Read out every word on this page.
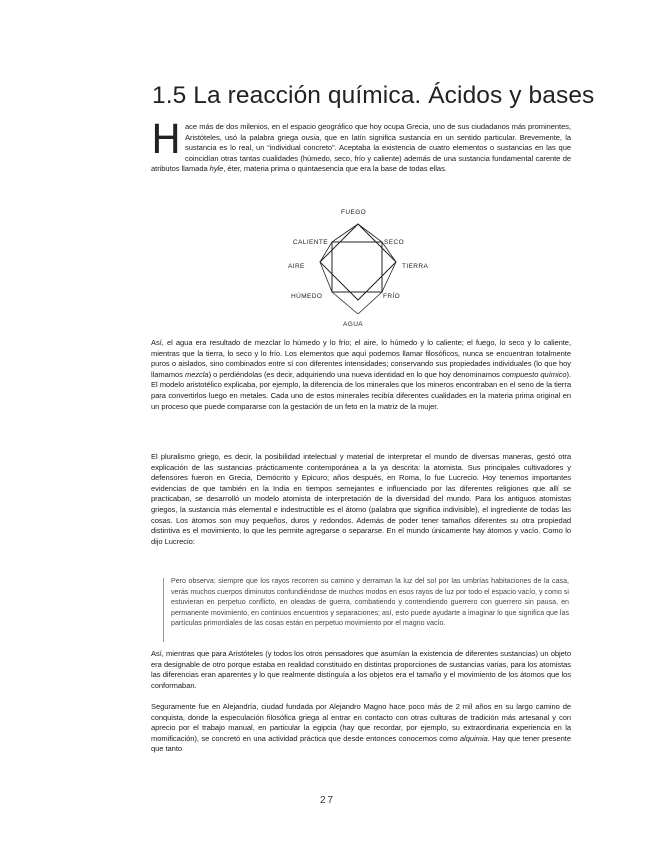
1.5 La reacción química. Ácidos y bases

Hace más de dos milenios, en el espacio geográfico que hoy ocupa Grecia, uno de sus ciudadanos más prominentes, Aristóteles, usó la palabra griega ousia, que en latín significa sustancia en un sentido particular. Brevemente, la sustancia es lo real, un “individual concreto”. Aceptaba la existencia de cuatro elementos o sustancias en las que coincidían otras tantas cualidades (húmedo, seco, frío y caliente) además de una sustancia fundamental carente de atributos llamada hyle, éter, materia prima o quintaesencia que era la base de todas ellas.

FUEGO
CALIENTE	SECO
AIRE	TIERRA
HÚMEDO	FRÍO
AGUA

Así, el agua era resultado de mezclar lo húmedo y lo frío; el aire, lo húmedo y lo caliente; el fuego, lo seco y lo caliente, mientras que la tierra, lo seco y lo frío. Los elementos que aquí podemos llamar filosóficos, nunca se encuentran totalmente puros o aislados, sino combinados entre sí con diferentes intensidades; conservando sus propiedades individuales (lo que hoy llamamos mezcla) o perdiéndolas (es decir, adquiriendo una nueva identidad en lo que hoy denominamos compuesto químico). El modelo aristotélico explicaba, por ejemplo, la diferencia de los minerales que los mineros encontraban en el seno de la tierra para convertirlos luego en metales. Cada uno de estos minerales recibía diferentes cualidades en la materia prima original en un proceso que puede compararse con la gestación de un feto en la matriz de la mujer.

El pluralismo griego, es decir, la posibilidad intelectual y material de interpretar el mundo de diversas maneras, gestó otra explicación de las sustancias prácticamente contemporánea a la ya descrita: la atomista. Sus principales cultivadores y defensores fueron en Grecia, Demócrito y Epicuro; años después, en Roma, lo fue Lucrecio. Hoy tenemos importantes evidencias de que también en la India en tiempos semejantes e influenciado por las diferentes religiones que allí se practicaban, se desarrolló un modelo atomista de interpretación de la diversidad del mundo. Para los antiguos atomistas griegos, la sustancia más elemental e indestructible es el átomo (palabra que significa indivisible), el ingrediente de todas las cosas. Los átomos son muy pequeños, duros y redondos. Además de poder tener tamaños diferentes su otra propiedad distintiva es el movimiento, lo que les permite agregarse o separarse. En el mundo únicamente hay átomos y vacío. Como lo dijo Lucrecio:

Pero observa: siempre que los rayos recorren su camino y derraman la luz del sol por las umbrías habitaciones de la casa, verás muchos cuerpos diminutos confundiéndose de muchos modos en esos rayos de luz por todo el espacio vacío, y como si estuvieran en perpetuo conflicto, en oleadas de guerra, combatiendo y contendiendo guerrero con guerrero sin pausa, en permanente movimiento, en continuos encuentros y separaciones; así, esto puede ayudarte a imaginar lo que significa que las partículas primordiales de las cosas están en perpetuo movimiento por el magno vacío.

Así, mientras que para Aristóteles (y todos los otros pensadores que asumían la existencia de diferentes sustancias) un objeto era designable de otro porque estaba en realidad constituido en distintas proporciones de sustancias varias, para los atomistas las diferencias eran aparentes y lo que realmente distinguía a los objetos era el tamaño y el movimiento de los átomos que los conformaban.

Seguramente fue en Alejandría, ciudad fundada por Alejandro Magno hace poco más de 2 mil años en su largo camino de conquista, donde la especulación filosófica griega al entrar en contacto con otras culturas de tradición más artesanal y con aprecio por el trabajo manual, en particular la egipcia (hay que recordar, por ejemplo, su extraordinaria experiencia en la momificación), se concretó en una actividad práctica que desde entonces conocemos como alquimia. Hay que tener presente que tanto

27
